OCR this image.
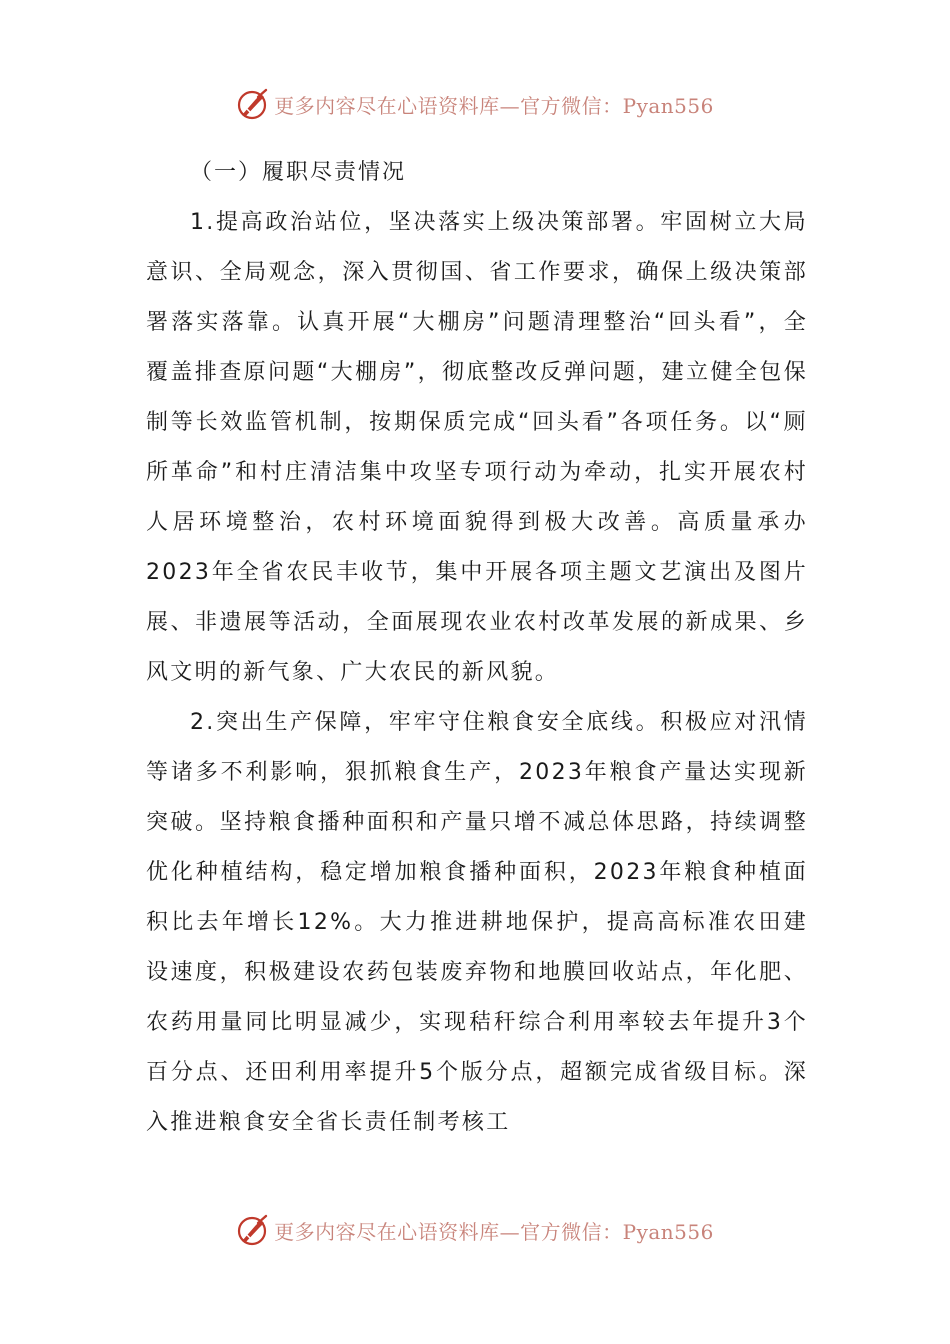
更多内容尽在心语资料库—官方微信：Pyan556
（一）履职尽责情况

1.提高政治站位，坚决落实上级决策部署。牢固树立大局意识、全局观念，深入贯彻国、省工作要求，确保上级决策部署落实落靠。认真开展“大棚房”问题清理整治“回头看”，全覆盖排查原问题“大棚房”，彻底整改反弹问题，建立健全包保制等长效监管机制，按期保质完成“回头看”各项任务。以“厕所革命”和村庄清洁集中攻坚专项行动为牵动，扎实开展农村人居环境整治，农村环境面貌得到极大改善。高质量承办2023年全省农民丰收节，集中开展各项主题文艺演出及图片展、非遗展等活动，全面展现农业农村改革发展的新成果、乡风文明的新气象、广大农民的新风貌。

2.突出生产保障，牢牢守住粮食安全底线。积极应对汛情等诸多不利影响，狠抓粮食生产，2023年粮食产量达实现新突破。坚持粮食播种面积和产量只增不减总体思路，持续调整优化种植结构，稳定增加粮食播种面积，2023年粮食种植面积比去年增长12%。大力推进耕地保护，提高高标准农田建设速度，积极建设农药包装废弃物和地膜回收站点，年化肥、农药用量同比明显减少，实现秸秆综合利用率较去年提升3个百分点、还田利用率提升5个版分点，超额完成省级目标。深入推进粮食安全省长责任制考核工

更多内容尽在心语资料库—官方微信：Pyan556
